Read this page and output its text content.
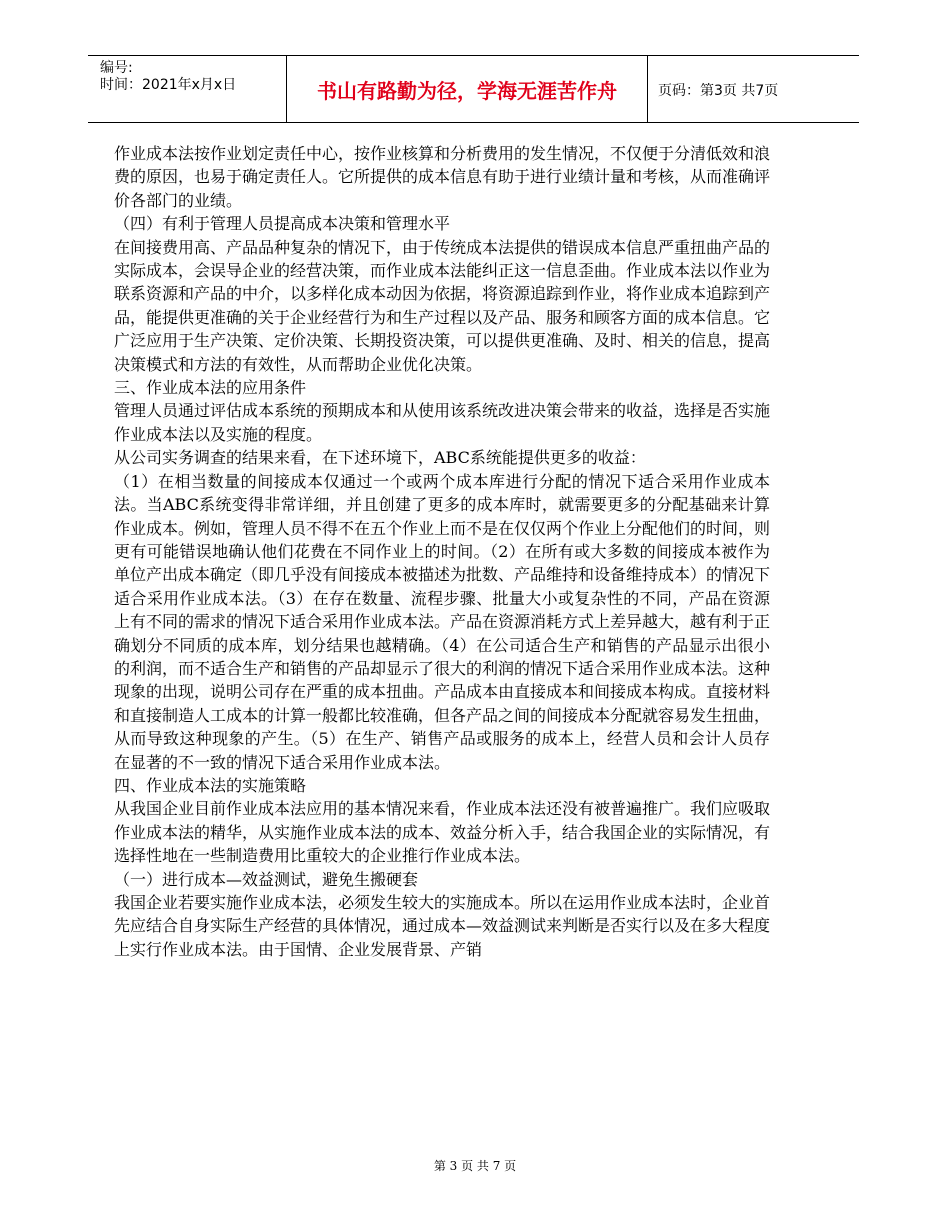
编号:
时间：2021年x月x日	书山有路勤为径，学海无涯苦作舟	页码：第3页 共7页

作业成本法按作业划定责任中心，按作业核算和分析费用的发生情况，不仅便于分清低效和浪费的原因，也易于确定责任人。它所提供的成本信息有助于进行业绩计量和考核，从而准确评价各部门的业绩。

（四）有利于管理人员提高成本决策和管理水平

在间接费用高、产品品种复杂的情况下，由于传统成本法提供的错误成本信息严重扭曲产品的实际成本，会误导企业的经营决策，而作业成本法能纠正这一信息歪曲。作业成本法以作业为联系资源和产品的中介，以多样化成本动因为依据，将资源追踪到作业，将作业成本追踪到产品，能提供更准确的关于企业经营行为和生产过程以及产品、服务和顾客方面的成本信息。它广泛应用于生产决策、定价决策、长期投资决策，可以提供更准确、及时、相关的信息，提高决策模式和方法的有效性，从而帮助企业优化决策。

三、作业成本法的应用条件

管理人员通过评估成本系统的预期成本和从使用该系统改进决策会带来的收益，选择是否实施作业成本法以及实施的程度。

从公司实务调查的结果来看，在下述环境下，ABC系统能提供更多的收益：

（1）在相当数量的间接成本仅通过一个或两个成本库进行分配的情况下适合采用作业成本法。当ABC系统变得非常详细，并且创建了更多的成本库时，就需要更多的分配基础来计算作业成本。例如，管理人员不得不在五个作业上而不是在仅仅两个作业上分配他们的时间，则更有可能错误地确认他们花费在不同作业上的时间。（2）在所有或大多数的间接成本被作为单位产出成本确定（即几乎没有间接成本被描述为批数、产品维持和设备维持成本）的情况下适合采用作业成本法。（3）在存在数量、流程步骤、批量大小或复杂性的不同，产品在资源上有不同的需求的情况下适合采用作业成本法。产品在资源消耗方式上差异越大，越有利于正确划分不同质的成本库，划分结果也越精确。（4）在公司适合生产和销售的产品显示出很小的利润，而不适合生产和销售的产品却显示了很大的利润的情况下适合采用作业成本法。这种现象的出现，说明公司存在严重的成本扭曲。产品成本由直接成本和间接成本构成。直接材料和直接制造人工成本的计算一般都比较准确，但各产品之间的间接成本分配就容易发生扭曲，从而导致这种现象的产生。（5）在生产、销售产品或服务的成本上，经营人员和会计人员存在显著的不一致的情况下适合采用作业成本法。

四、作业成本法的实施策略

从我国企业目前作业成本法应用的基本情况来看，作业成本法还没有被普遍推广。我们应吸取作业成本法的精华，从实施作业成本法的成本、效益分析入手，结合我国企业的实际情况，有选择性地在一些制造费用比重较大的企业推行作业成本法。

（一）进行成本—效益测试，避免生搬硬套

我国企业若要实施作业成本法，必须发生较大的实施成本。所以在运用作业成本法时，企业首先应结合自身实际生产经营的具体情况，通过成本—效益测试来判断是否实行以及在多大程度上实行作业成本法。由于国情、企业发展背景、产销

第 3 页 共 7 页
